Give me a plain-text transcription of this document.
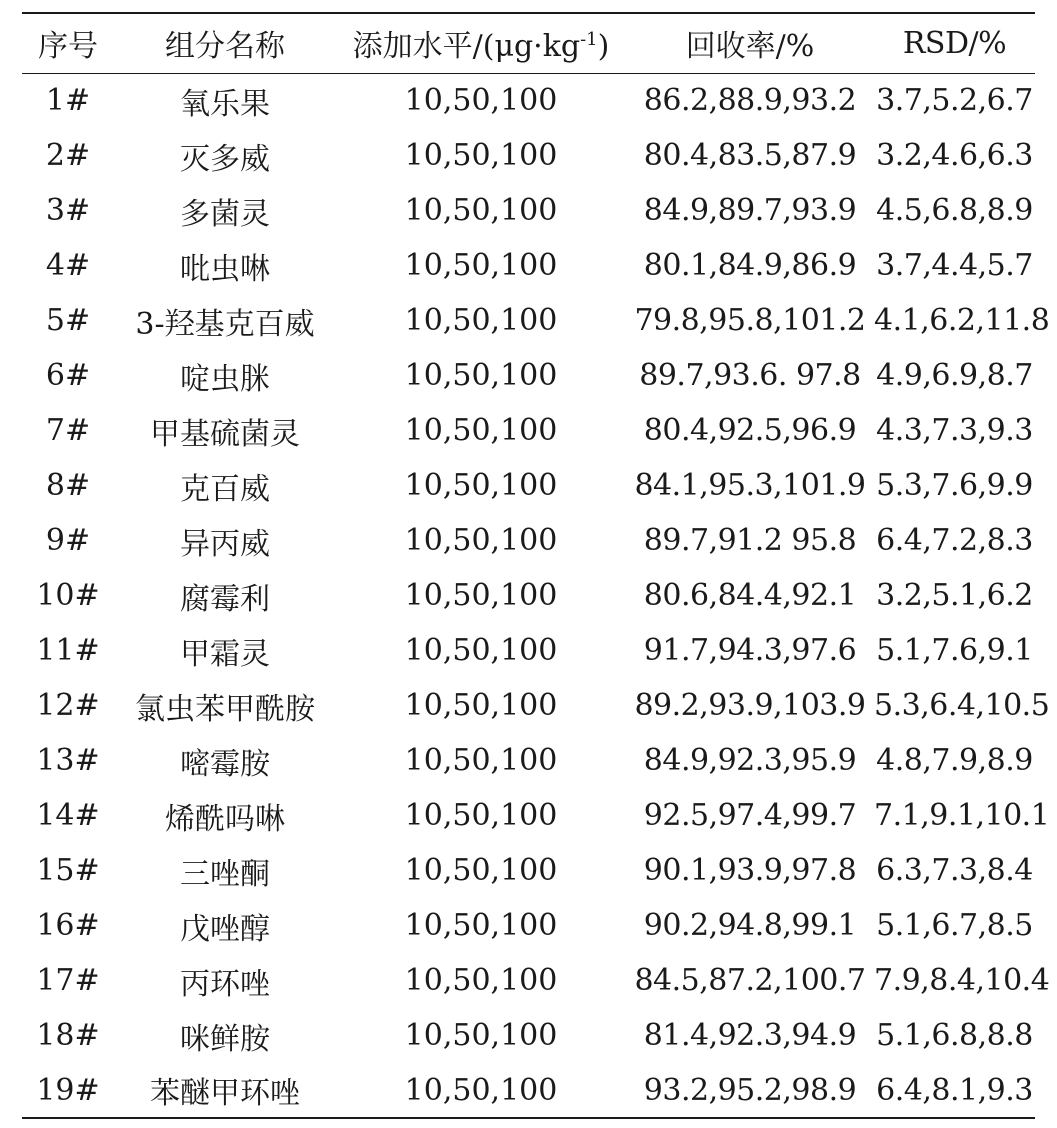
序号	组分名称	添加水平$/(\mu g\cdot kg^{-1})$	回收率/%	RSD/%
1#	氧乐果	10,50,100	86.2,88.9,93.2	3.7,5.2,6.7
2#	灭多威	10,50,100	80.4,83.5,87.9	3.2,4.6,6.3
3#	多菌灵	10,50,100	84.9,89.7,93.9	4.5,6.8,8.9
4#	吡虫啉	10,50,100	80.1,84.9,86.9	3.7,4.4,5.7
5#	3-羟基克百威	10,50,100	79.8,95.8,101.2	4.1,6.2,11.8
6#	啶虫脒	10,50,100	89.7,93.6. 97.8	4.9,6.9,8.7
7#	甲基硫菌灵	10,50,100	80.4,92.5,96.9	4.3,7.3,9.3
8#	克百威	10,50,100	84.1,95.3,101.9	5.3,7.6,9.9
9#	异丙威	10,50,100	89.7,91.2 95.8	6.4,7.2,8.3
10#	腐霉利	10,50,100	80.6,84.4,92.1	3.2,5.1,6.2
11#	甲霜灵	10,50,100	91.7,94.3,97.6	5.1,7.6,9.1
12#	氯虫苯甲酰胺	10,50,100	89.2,93.9,103.9	5.3,6.4,10.5
13#	嘧霉胺	10,50,100	84.9,92.3,95.9	4.8,7.9,8.9
14#	烯酰吗啉	10,50,100	92.5,97.4,99.7	7.1,9.1,10.1
15#	三唑酮	10,50,100	90.1,93.9,97.8	6.3,7.3,8.4
16#	戊唑醇	10,50,100	90.2,94.8,99.1	5.1,6.7,8.5
17#	丙环唑	10,50,100	84.5,87.2,100.7	7.9,8.4,10.4
18#	咪鲜胺	10,50,100	81.4,92.3,94.9	5.1,6.8,8.8
19#	苯醚甲环唑	10,50,100	93.2,95.2,98.9	6.4,8.1,9.3
